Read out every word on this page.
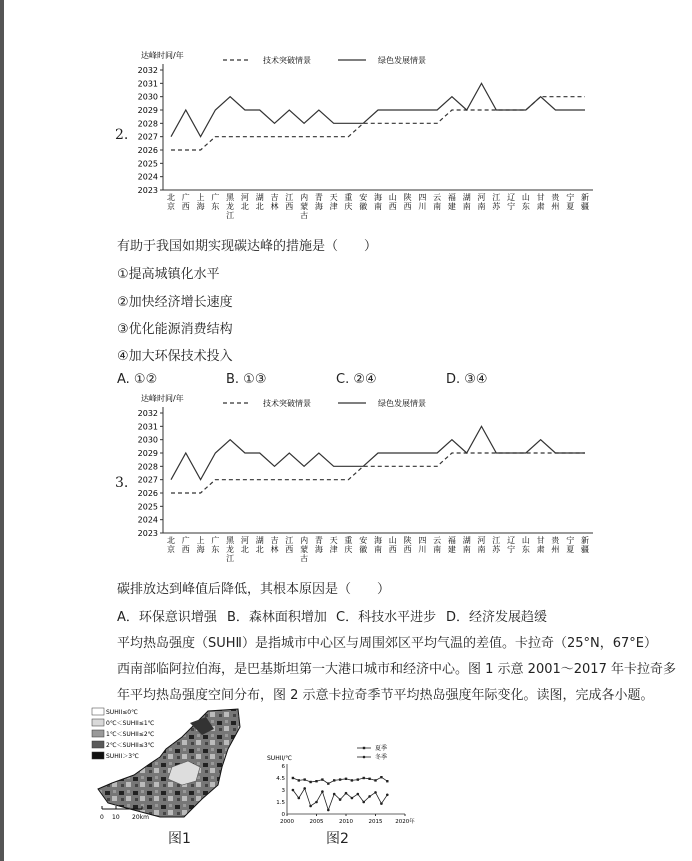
2.
达峰时间/年
2023
2024
2025
2026
2027
2028
2029
2030
2031
2032
北京
广西
上海
广东
黑龙江
河北
湖北
吉林
江西
内蒙古
青海
天津
重庆
安徽
海南
山西
陕西
四川
云南
福建
湖南
河南
江苏
辽宁
山东
甘肃
贵州
宁夏
新疆
技术突破情景	绿色发展情景
有助于我国如期实现碳达峰的措施是（　　）
①提高城镇化水平
②加快经济增长速度
③优化能源消费结构
④加大环保技术投入
A. ①②	B. ①③	C. ②④	D. ③④
3.
达峰时间/年
2023
2024
2025
2026
2027
2028
2029
2030
2031
2032
北京
广西
上海
广东
黑龙江
河北
湖北
吉林
江西
内蒙古
青海
天津
重庆
安徽
海南
山西
陕西
四川
云南
福建
湖南
河南
江苏
辽宁
山东
甘肃
贵州
宁夏
新疆
技术突破情景	绿色发展情景
碳排放达到峰值后降低，其根本原因是（　　）
A．环保意识增强 B．森林面积增加 C．科技水平进步 D．经济发展趋缓
平均热岛强度（SUHⅡ）是指城市中心区与周围郊区平均气温的差值。卡拉奇（25°N，67°E）
西南部临阿拉伯海，是巴基斯坦第一大港口城市和经济中心。图 1 示意 2001～2017 年卡拉奇多
年平均热岛强度空间分布，图 2 示意卡拉奇季节平均热岛强度年际变化。读图，完成各小题。
SUHII≤0℃
0℃＜SUHII≤1℃
1℃＜SUHII≤2℃
2℃＜SUHII≤3℃
SUHII＞3℃
0 10 20km
图1
SUHII/℃
0
1.5
3
4.5
6
2000	2005	2010	2015 2020年
夏季
冬季
图2
